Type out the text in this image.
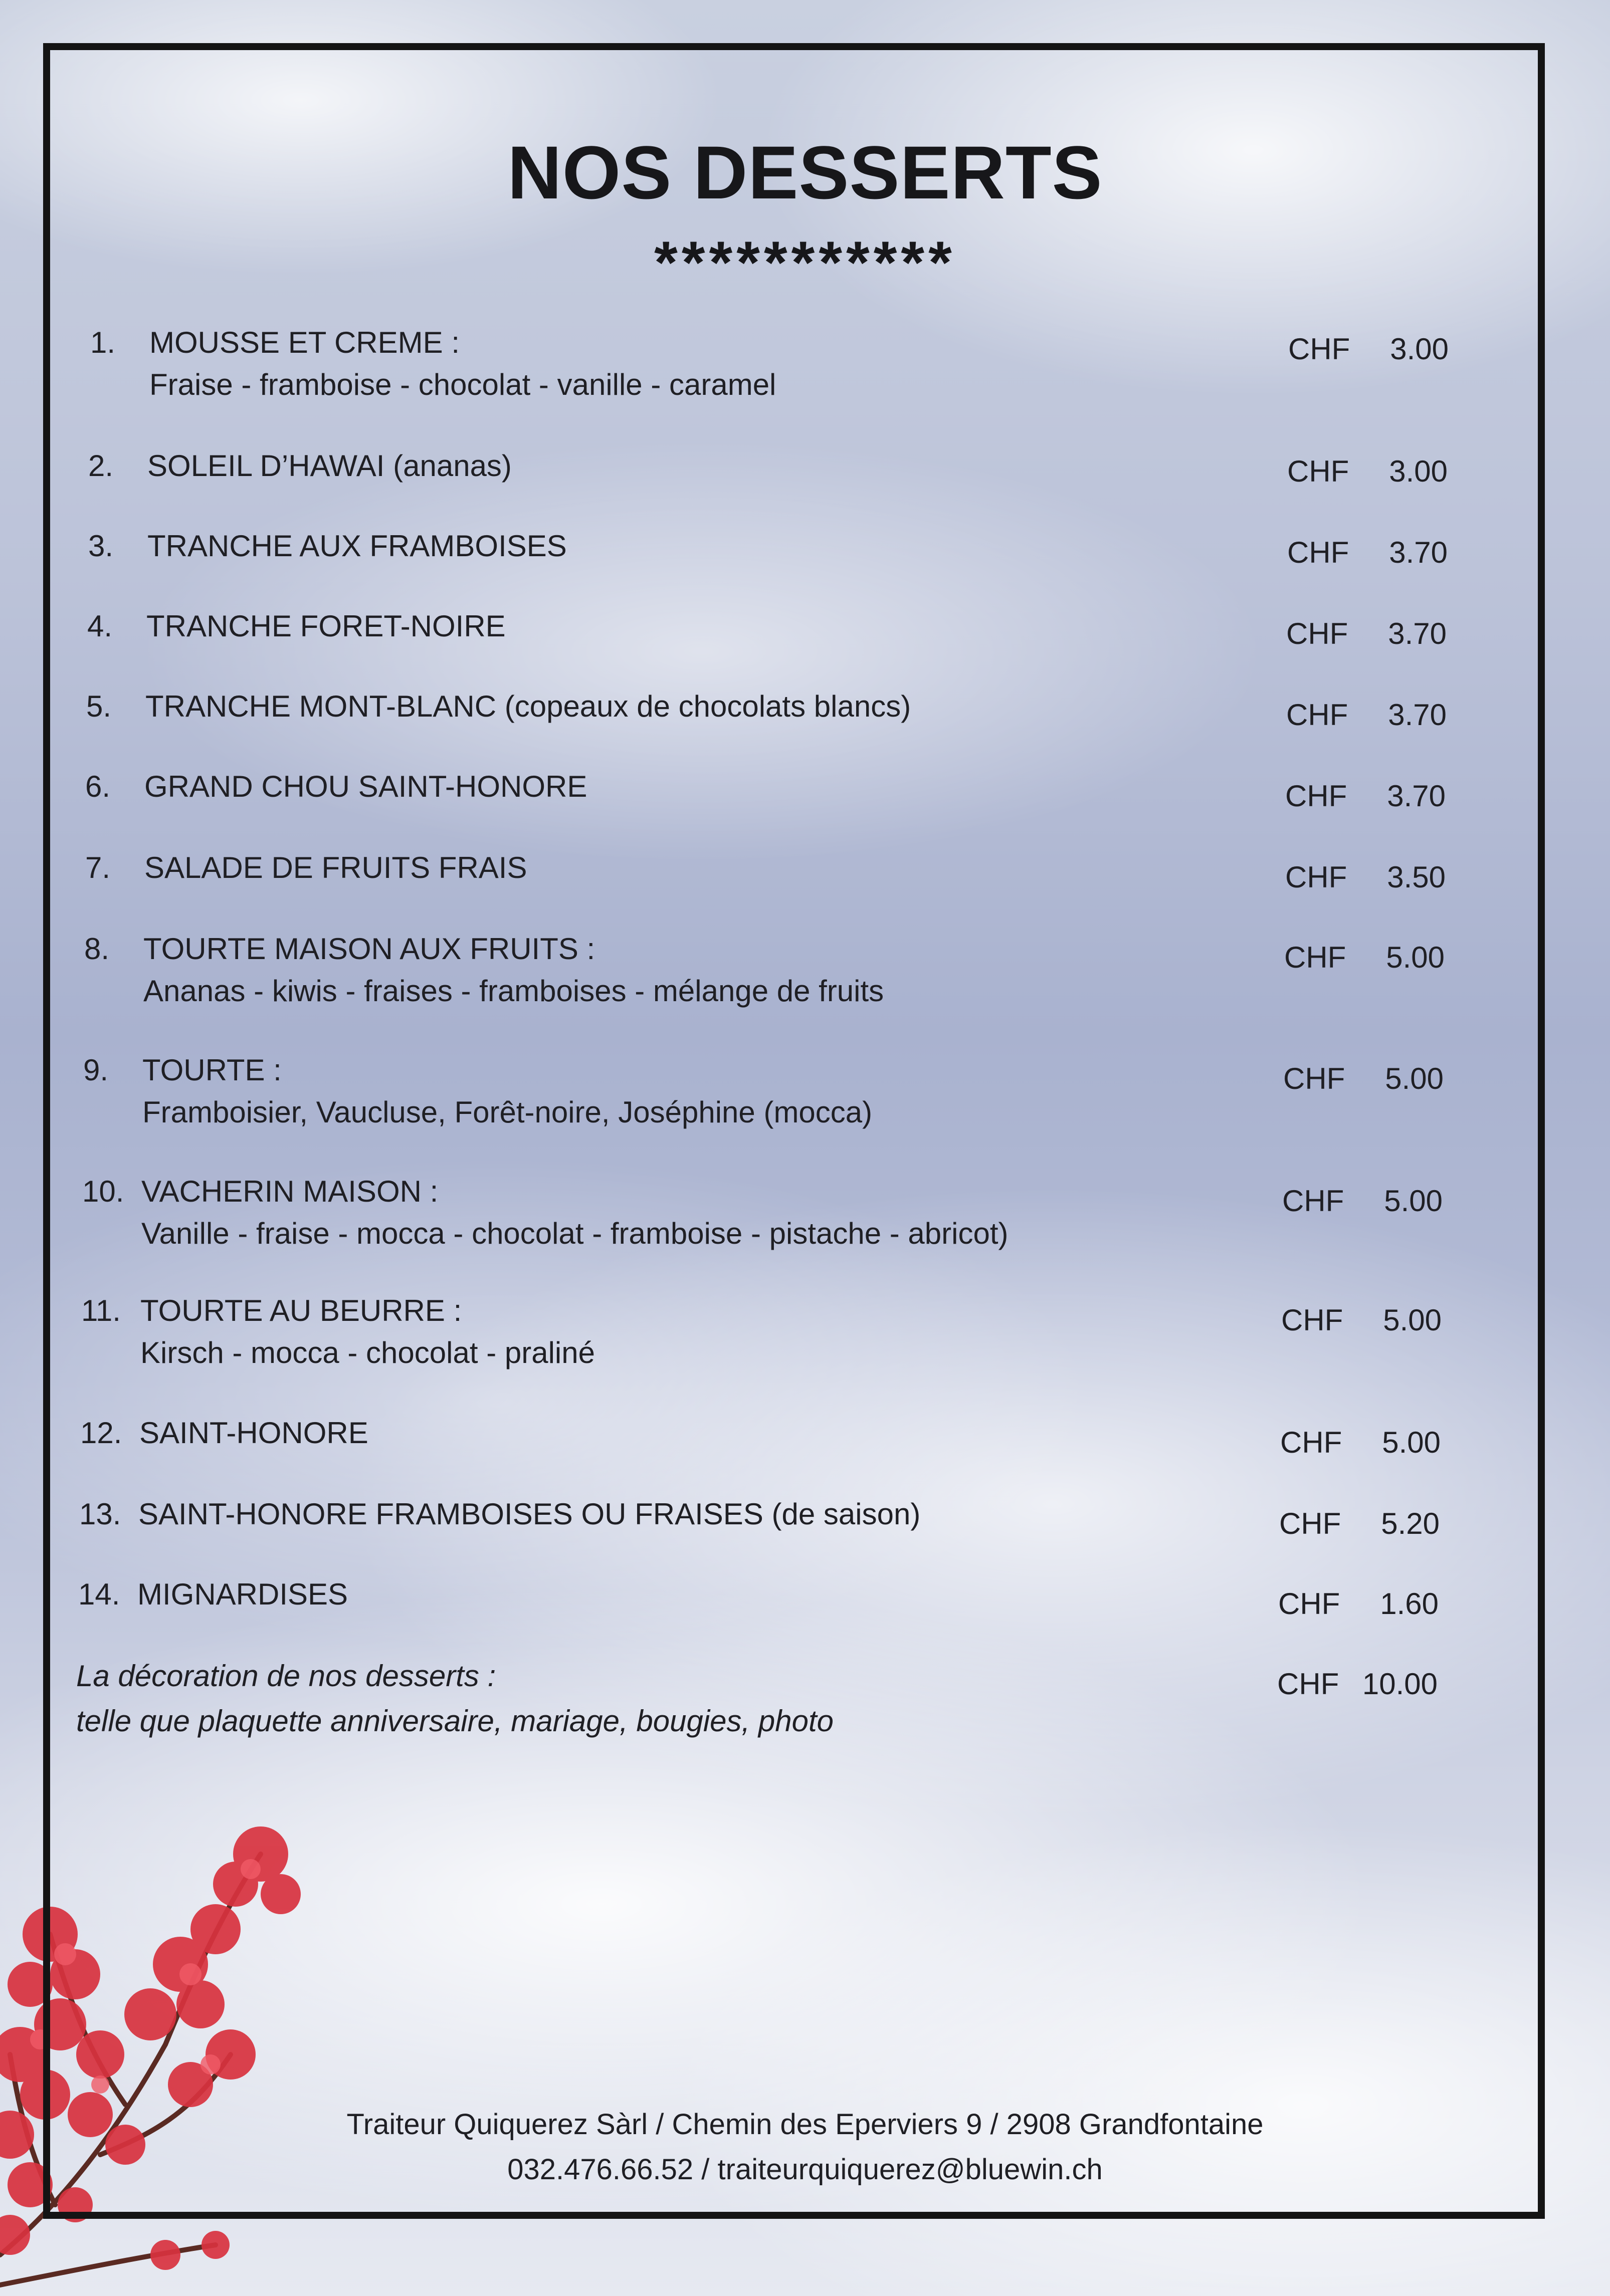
NOS DESSERTS
***********
1. MOUSSE ET CREME :
Fraise - framboise - chocolat - vanille - caramel
CHF	3.00
2. SOLEIL D’HAWAI (ananas)	CHF	3.00
3. TRANCHE AUX FRAMBOISES	CHF	3.70
4. TRANCHE FORET-NOIRE	CHF	3.70
5. TRANCHE MONT-BLANC (copeaux de chocolats blancs)	CHF	3.70
6. GRAND CHOU SAINT-HONORE	CHF	3.70
7. SALADE DE FRUITS FRAIS	CHF	3.50
8. TOURTE MAISON AUX FRUITS :
Ananas - kiwis - fraises - framboises - mélange de fruits
CHF	5.00
9. TOURTE :
Framboisier, Vaucluse, Forêt-noire, Joséphine (mocca)
CHF	5.00
10. VACHERIN MAISON :
Vanille - fraise - mocca - chocolat - framboise - pistache - abricot)
CHF	5.00
11. TOURTE AU BEURRE :
Kirsch - mocca - chocolat - praliné
CHF	5.00
12. SAINT-HONORE	CHF	5.00
13. SAINT-HONORE FRAMBOISES OU FRAISES (de saison)	CHF	5.20
14. MIGNARDISES	CHF	1.60
La décoration de nos desserts :
telle que plaquette anniversaire, mariage, bougies, photo
CHF 10.00
Traiteur Quiquerez Sàrl / Chemin des Eperviers 9 / 2908 Grandfontaine
032.476.66.52 / traiteurquiquerez@bluewin.ch
